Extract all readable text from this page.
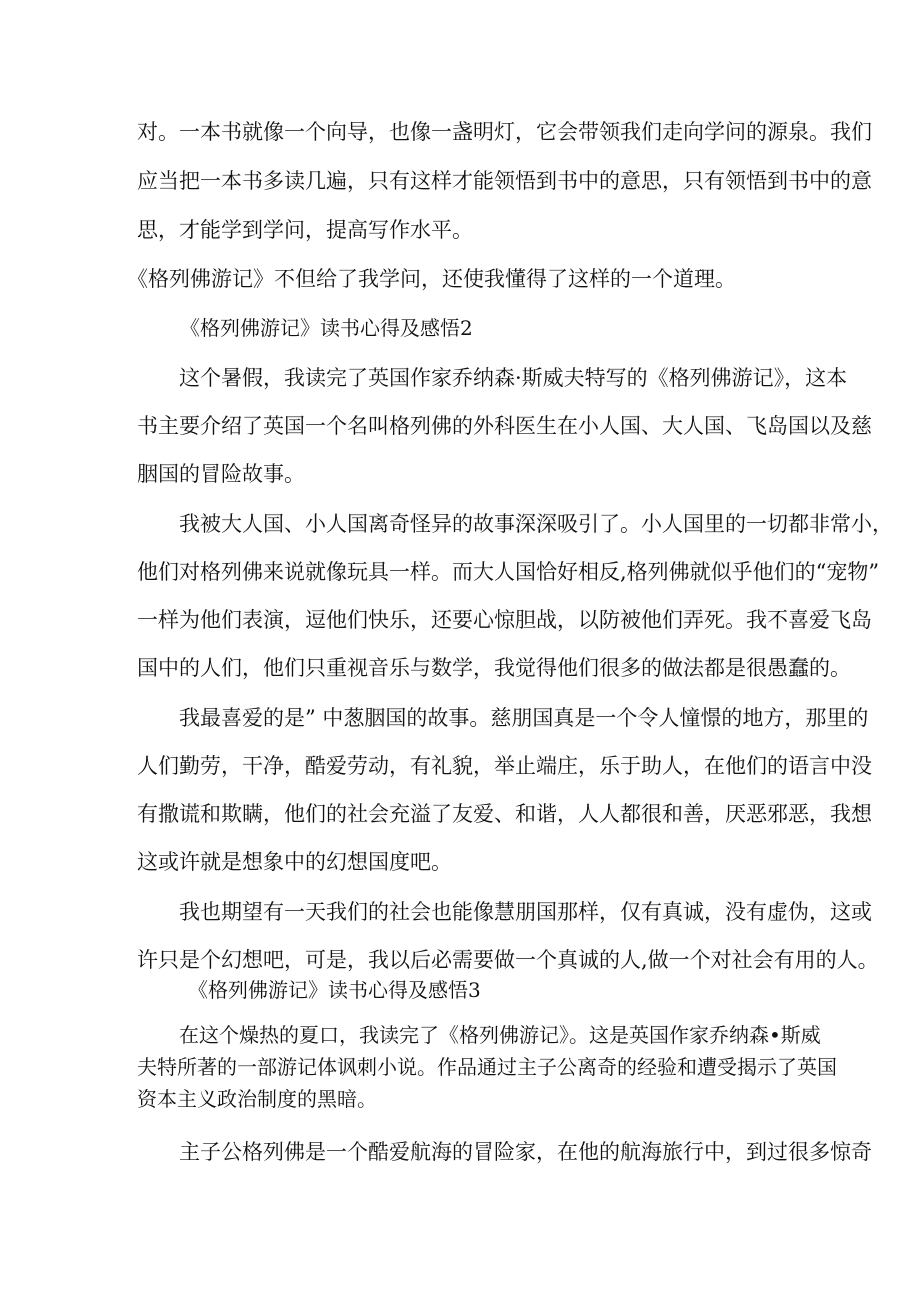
对。一本书就像一个向导，也像一盏明灯，它会带领我们走向学问的源泉。我们

应当把一本书多读几遍，只有这样才能领悟到书中的意思，只有领悟到书中的意

思，才能学到学问，提高写作水平。

《格列佛游记》不但给了我学问，还使我懂得了这样的一个道理。

《格列佛游记》读书心得及感悟2

这个暑假，我读完了英国作家乔纳森·斯威夫特写的《格列佛游记》，这本

书主要介绍了英国一个名叫格列佛的外科医生在小人国、大人国、飞岛国以及慈

胭国的冒险故事。

我被大人国、小人国离奇怪异的故事深深吸引了。小人国里的一切都非常小，

他们对格列佛来说就像玩具一样。而大人国恰好相反,格列佛就似乎他们的“宠物”

一样为他们表演，逗他们快乐，还要心惊胆战，以防被他们弄死。我不喜爱飞岛

国中的人们，他们只重视音乐与数学，我觉得他们很多的做法都是很愚蠢的。

我最喜爱的是” 中葱胭国的故事。慈朋国真是一个令人憧憬的地方，那里的

人们勤劳，干净，酷爱劳动，有礼貌，举止端庄，乐于助人，在他们的语言中没

有撒谎和欺瞒，他们的社会充溢了友爱、和谐，人人都很和善，厌恶邪恶，我想

这或许就是想象中的幻想国度吧。

我也期望有一天我们的社会也能像慧朋国那样，仅有真诚，没有虚伪，这或

许只是个幻想吧，可是，我以后必需要做一个真诚的人,做一个对社会有用的人。

《格列佛游记》读书心得及感悟3

在这个燥热的夏口，我读完了《格列佛游记》。这是英国作家乔纳森•斯威

夫特所著的一部游记体讽刺小说。作品通过主子公离奇的经验和遭受揭示了英国

资本主义政治制度的黑暗。

主子公格列佛是一个酷爱航海的冒险家，在他的航海旅行中，到过很多惊奇
